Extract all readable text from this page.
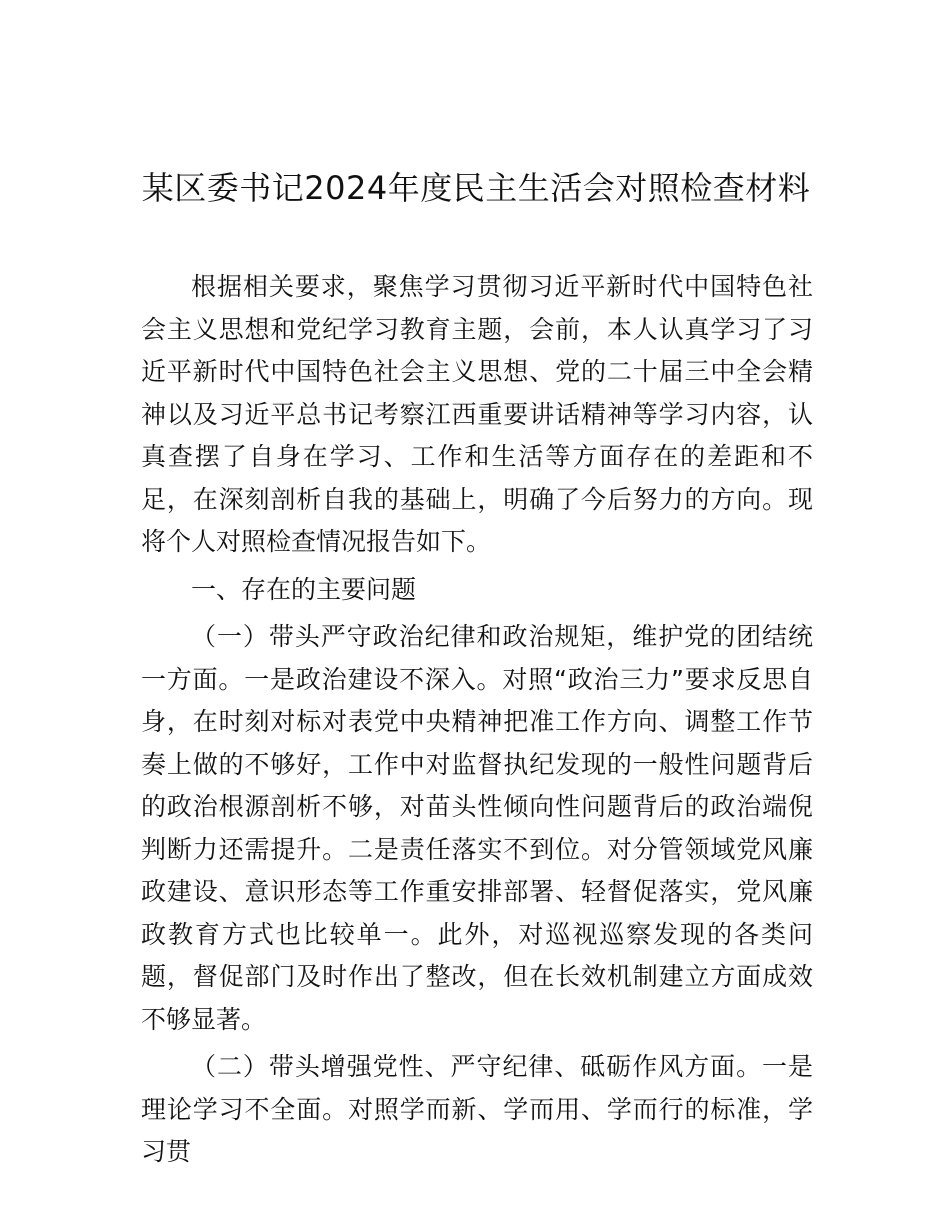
某区委书记2024年度民主生活会对照检查材料

根据相关要求，聚焦学习贯彻习近平新时代中国特色社会主义思想和党纪学习教育主题，会前，本人认真学习了习近平新时代中国特色社会主义思想、党的二十届三中全会精神以及习近平总书记考察江西重要讲话精神等学习内容，认真查摆了自身在学习、工作和生活等方面存在的差距和不足，在深刻剖析自我的基础上，明确了今后努力的方向。现将个人对照检查情况报告如下。

一、存在的主要问题

（一）带头严守政治纪律和政治规矩，维护党的团结统一方面。一是政治建设不深入。对照“政治三力”要求反思自身，在时刻对标对表党中央精神把准工作方向、调整工作节奏上做的不够好，工作中对监督执纪发现的一般性问题背后的政治根源剖析不够，对苗头性倾向性问题背后的政治端倪判断力还需提升。二是责任落实不到位。对分管领域党风廉政建设、意识形态等工作重安排部署、轻督促落实，党风廉政教育方式也比较单一。此外，对巡视巡察发现的各类问题，督促部门及时作出了整改，但在长效机制建立方面成效不够显著。

（二）带头增强党性、严守纪律、砥砺作风方面。一是理论学习不全面。对照学而新、学而用、学而行的标准，学习贯
